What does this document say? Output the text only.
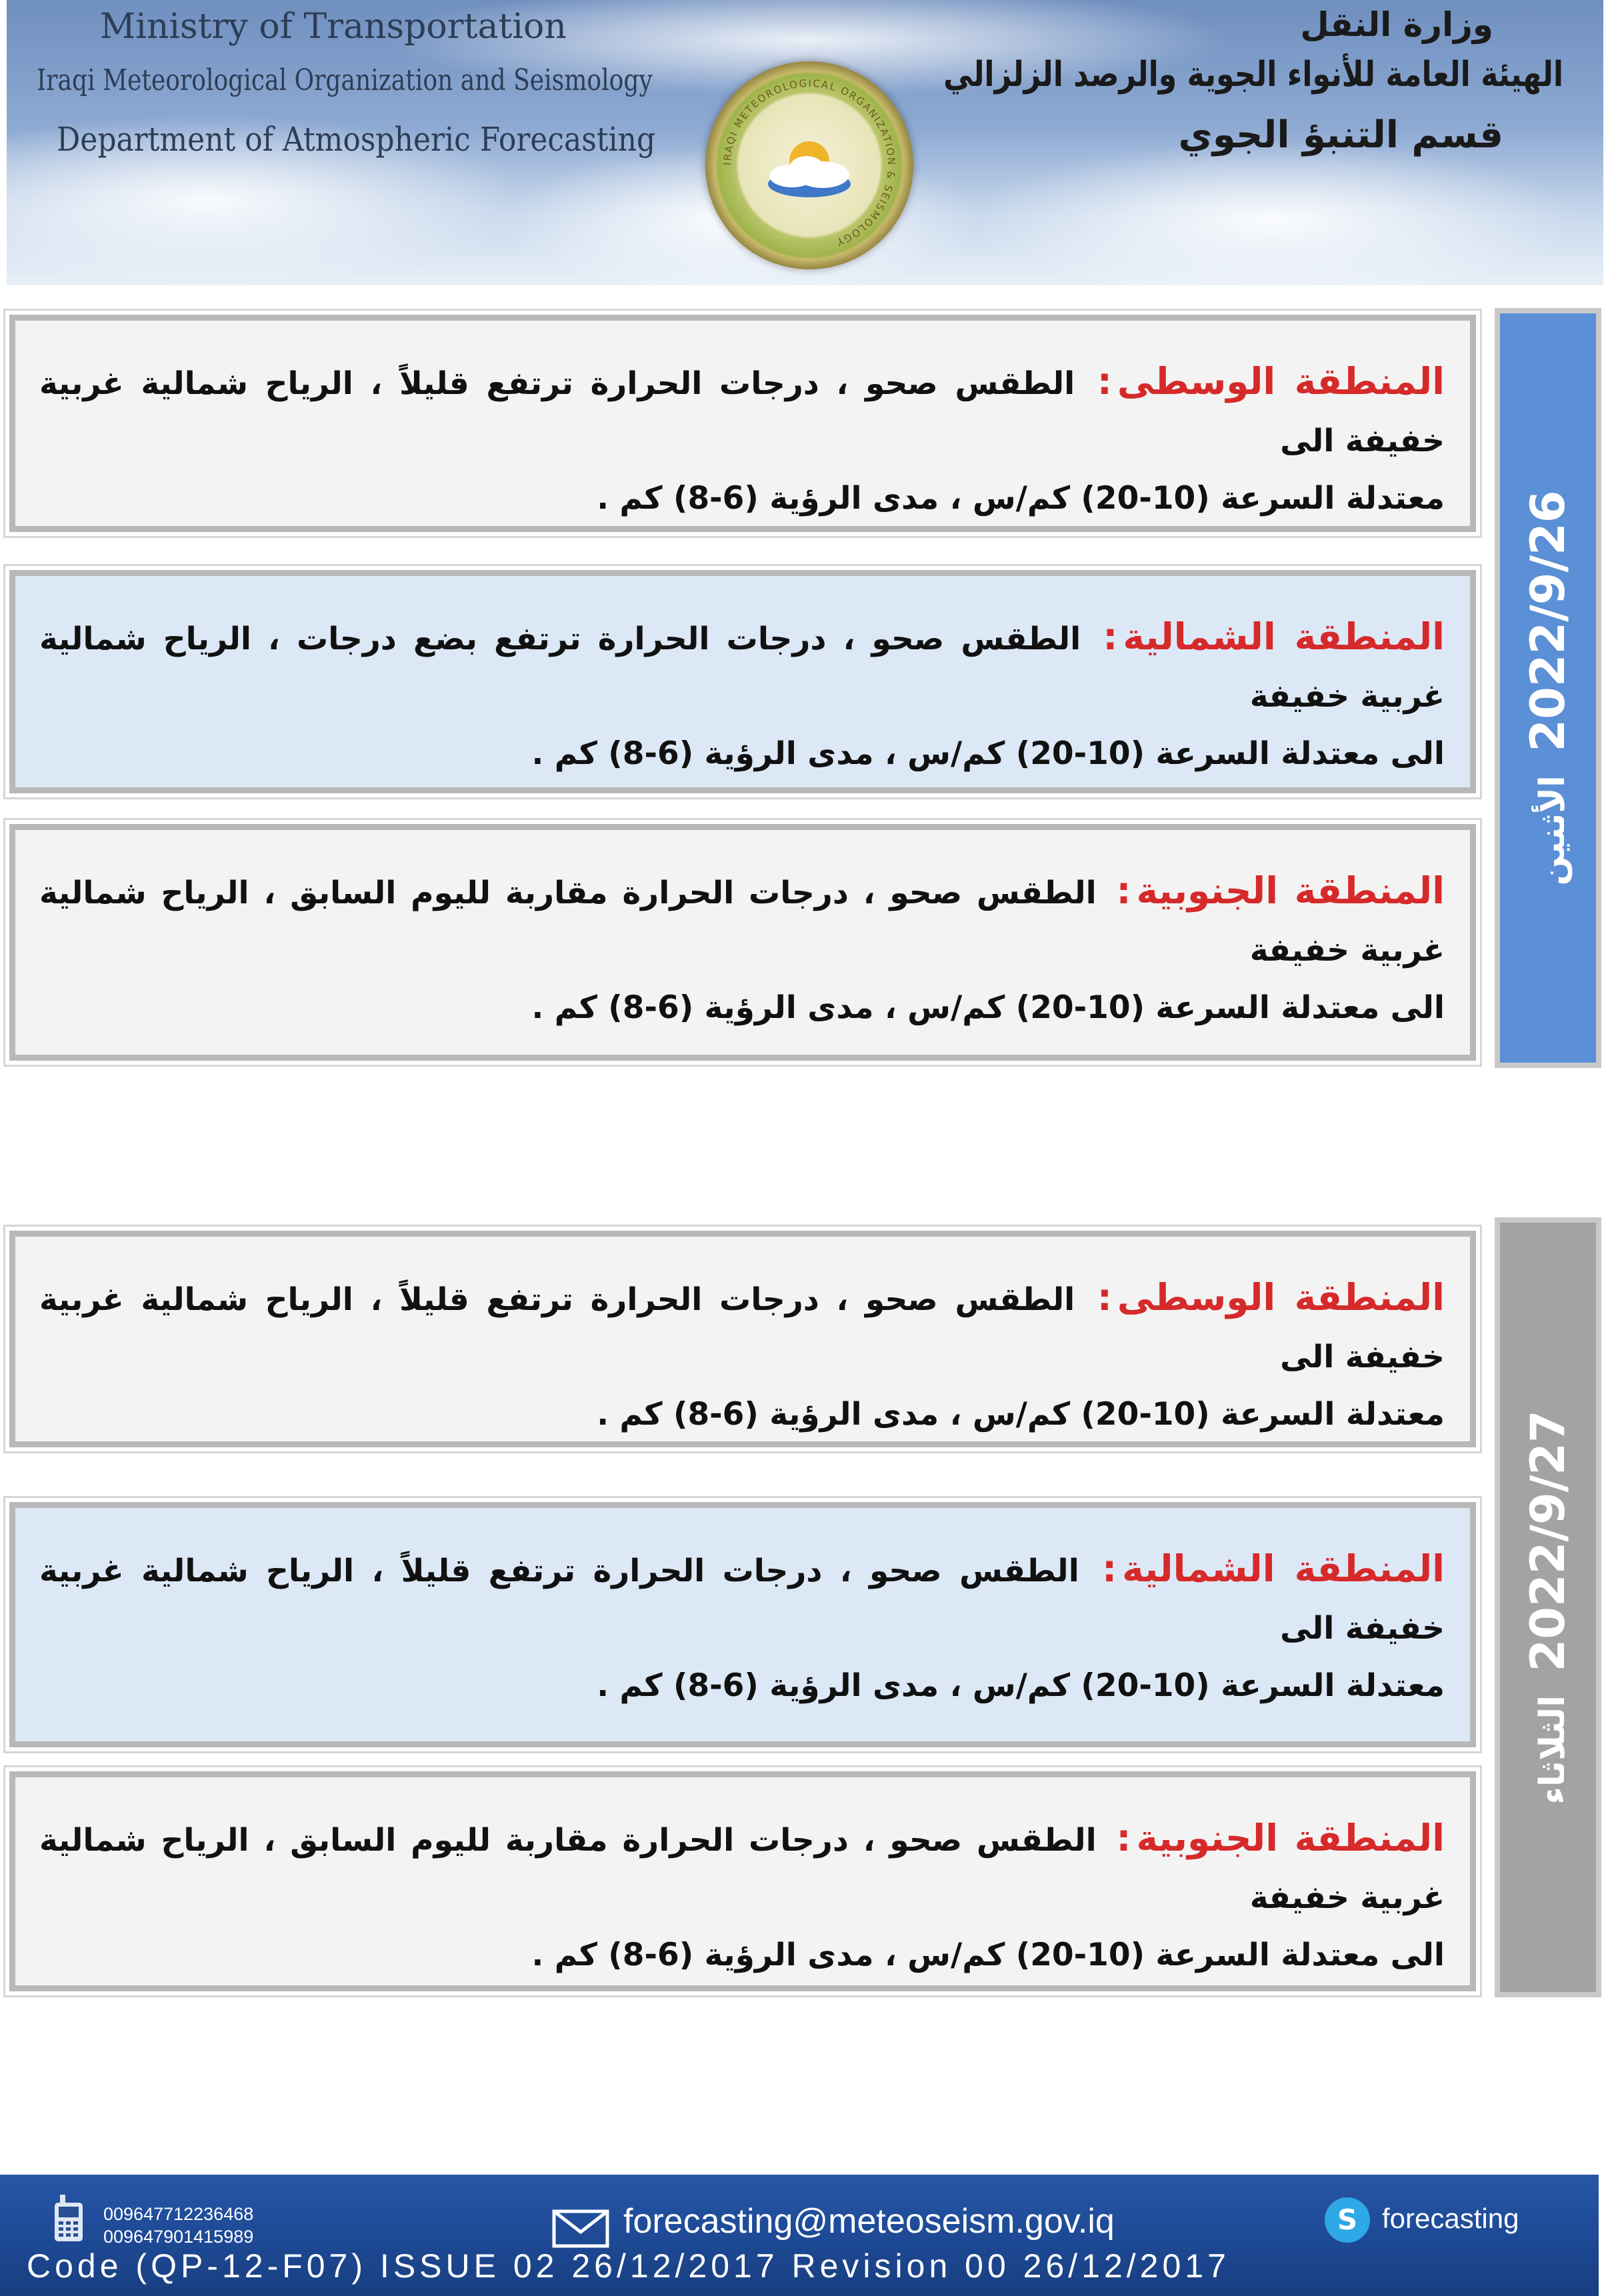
Ministry of Transportation
Iraqi Meteorological Organization and Seismology
Department of Atmospheric Forecasting
وزارة النقل
الهيئة العامة للأنواء الجوية والرصد الزلزالي
قسم التنبؤ الجوي
IRAQI METEOROLOGICAL ORGANIZATION & SEISMOLOGY
المنطقة الوسطى: الطقس صحو ، درجات الحرارة ترتفع قليلاً ، الرياح شمالية غربية خفيفة الى
معتدلة السرعة (10-20) كم/س ، مدى الرؤية (6-8) كم .
المنطقة الشمالية: الطقس صحو ، درجات الحرارة ترتفع بضع درجات ، الرياح شمالية غربية خفيفة
الى معتدلة السرعة (10-20) كم/س ، مدى الرؤية (6-8) كم .
المنطقة الجنوبية: الطقس صحو ، درجات الحرارة مقاربة لليوم السابق ، الرياح شمالية غربية خفيفة
الى معتدلة السرعة (10-20) كم/س ، مدى الرؤية (6-8) كم .
2022/9/26 الأثنين
المنطقة الوسطى: الطقس صحو ، درجات الحرارة ترتفع قليلاً ، الرياح شمالية غربية خفيفة الى
معتدلة السرعة (10-20) كم/س ، مدى الرؤية (6-8) كم .
المنطقة الشمالية: الطقس صحو ، درجات الحرارة ترتفع قليلاً ، الرياح شمالية غربية خفيفة الى
معتدلة السرعة (10-20) كم/س ، مدى الرؤية (6-8) كم .
المنطقة الجنوبية: الطقس صحو ، درجات الحرارة مقاربة لليوم السابق ، الرياح شمالية غربية خفيفة
الى معتدلة السرعة (10-20) كم/س ، مدى الرؤية (6-8) كم .
2022/9/27 الثلاثاء
009647712236468
009647901415989	forecasting@meteoseism.gov.iq	S forecasting
Code (QP-12-F07) ISSUE 02 26/12/2017 Revision 00 26/12/2017
